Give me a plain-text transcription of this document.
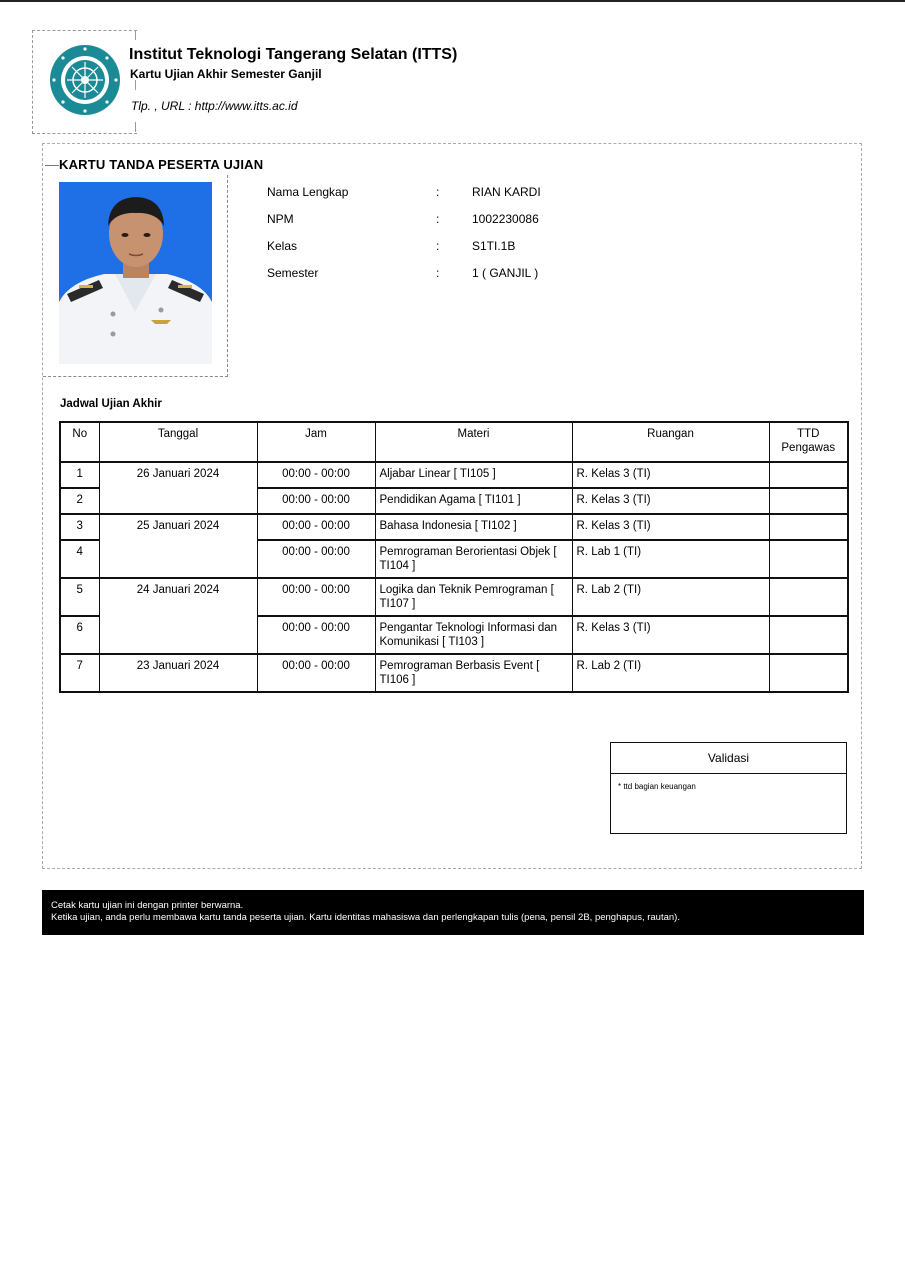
Institut Teknologi Tangerang Selatan (ITTS)
Kartu Ujian Akhir Semester Ganjil
Tlp. , URL : http://www.itts.ac.id
KARTU TANDA PESERTA UJIAN
Nama Lengkap	:	RIAN KARDI
NPM	:	1002230086
Kelas	:	S1TI.1B
Semester	:	1 ( GANJIL )
Jadwal Ujian Akhir
No	Tanggal	Jam	Materi	Ruangan	TTD Pengawas
1	26 Januari 2024	00:00 - 00:00	Aljabar Linear [ TI105 ]	R. Kelas 3 (TI)	
2		00:00 - 00:00	Pendidikan Agama [ TI101 ]	R. Kelas 3 (TI)	
3	25 Januari 2024	00:00 - 00:00	Bahasa Indonesia [ TI102 ]	R. Kelas 3 (TI)	
4		00:00 - 00:00	Pemrograman Berorientasi Objek [ TI104 ]	R. Lab 1 (TI)	
5	24 Januari 2024	00:00 - 00:00	Logika dan Teknik Pemrograman [ TI107 ]	R. Lab 2 (TI)	
6		00:00 - 00:00	Pengantar Teknologi Informasi dan Komunikasi [ TI103 ]	R. Kelas 3 (TI)	
7	23 Januari 2024	00:00 - 00:00	Pemrograman Berbasis Event [ TI106 ]	R. Lab 2 (TI)	
Validasi
* ttd bagian keuangan
Cetak kartu ujian ini dengan printer berwarna.
Ketika ujian, anda perlu membawa kartu tanda peserta ujian. Kartu identitas mahasiswa dan perlengkapan tulis (pena, pensil 2B, penghapus, rautan).
